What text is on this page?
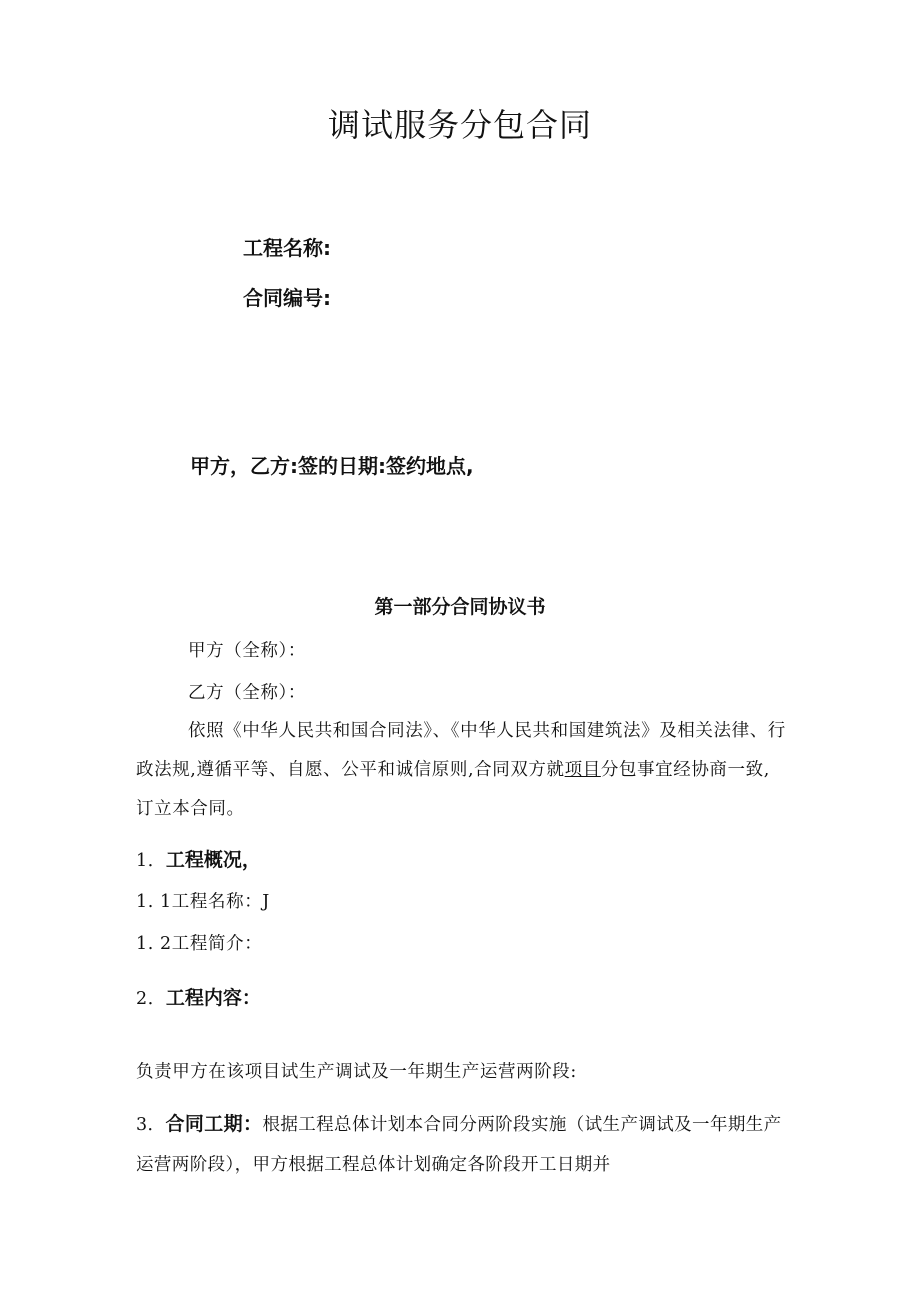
调试服务分包合同
工程名称:
合同编号:
甲方，乙方:签的日期:签约地点,
第一部分合同协议书
甲方（全称）：
乙方（全称）：
依照《中华人民共和国合同法》、《中华人民共和国建筑法》及相关法律、行政法规,遵循平等、自愿、公平和诚信原则,合同双方就项目分包事宜经协商一致,订立本合同。
1．工程概况，
1. 1工程名称：J
1. 2工程简介：
2．工程内容：
负责甲方在该项目试生产调试及一年期生产运营两阶段:
3．合同工期：根据工程总体计划本合同分两阶段实施（试生产调试及一年期生产运营两阶段），甲方根据工程总体计划确定各阶段开工日期并
